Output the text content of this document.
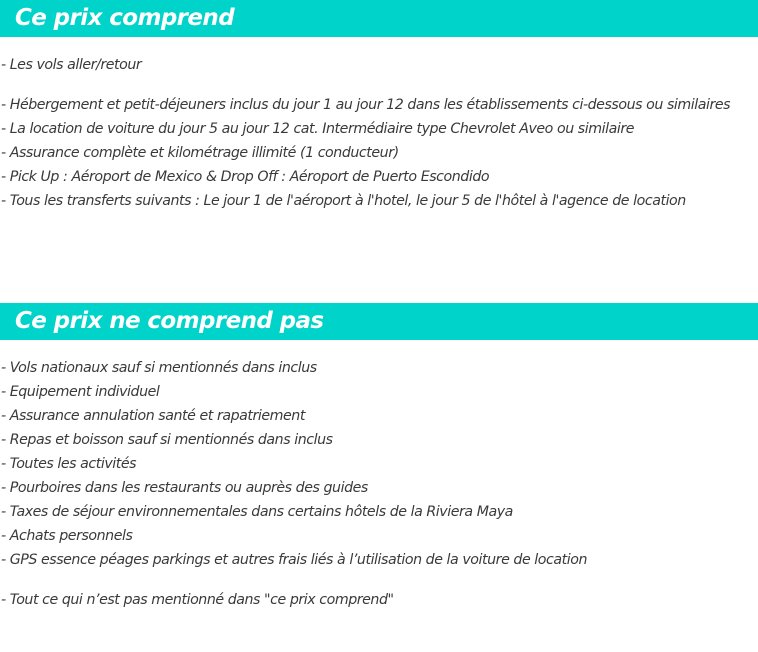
Ce prix comprend
- Les vols aller/retour
- Hébergement et petit-déjeuners inclus du jour 1 au jour 12 dans les établissements ci-dessous ou similaires
- La location de voiture du jour 5 au jour 12 cat. Intermédiaire type Chevrolet Aveo ou similaire
- Assurance complète et kilométrage illimité (1 conducteur)
- Pick Up : Aéroport de Mexico & Drop Off : Aéroport de Puerto Escondido
- Tous les transferts suivants : Le jour 1 de l'aéroport à l'hotel, le jour 5 de l'hôtel à l'agence de location
Ce prix ne comprend pas
- Vols nationaux sauf si mentionnés dans inclus
- Equipement individuel
- Assurance annulation santé et rapatriement
- Repas et boisson sauf si mentionnés dans inclus
- Toutes les activités
- Pourboires dans les restaurants ou auprès des guides
- Taxes de séjour environnementales dans certains hôtels de la Riviera Maya
- Achats personnels
- GPS essence péages parkings et autres frais liés à l’utilisation de la voiture de location
- Tout ce qui n’est pas mentionné dans "ce prix comprend"
